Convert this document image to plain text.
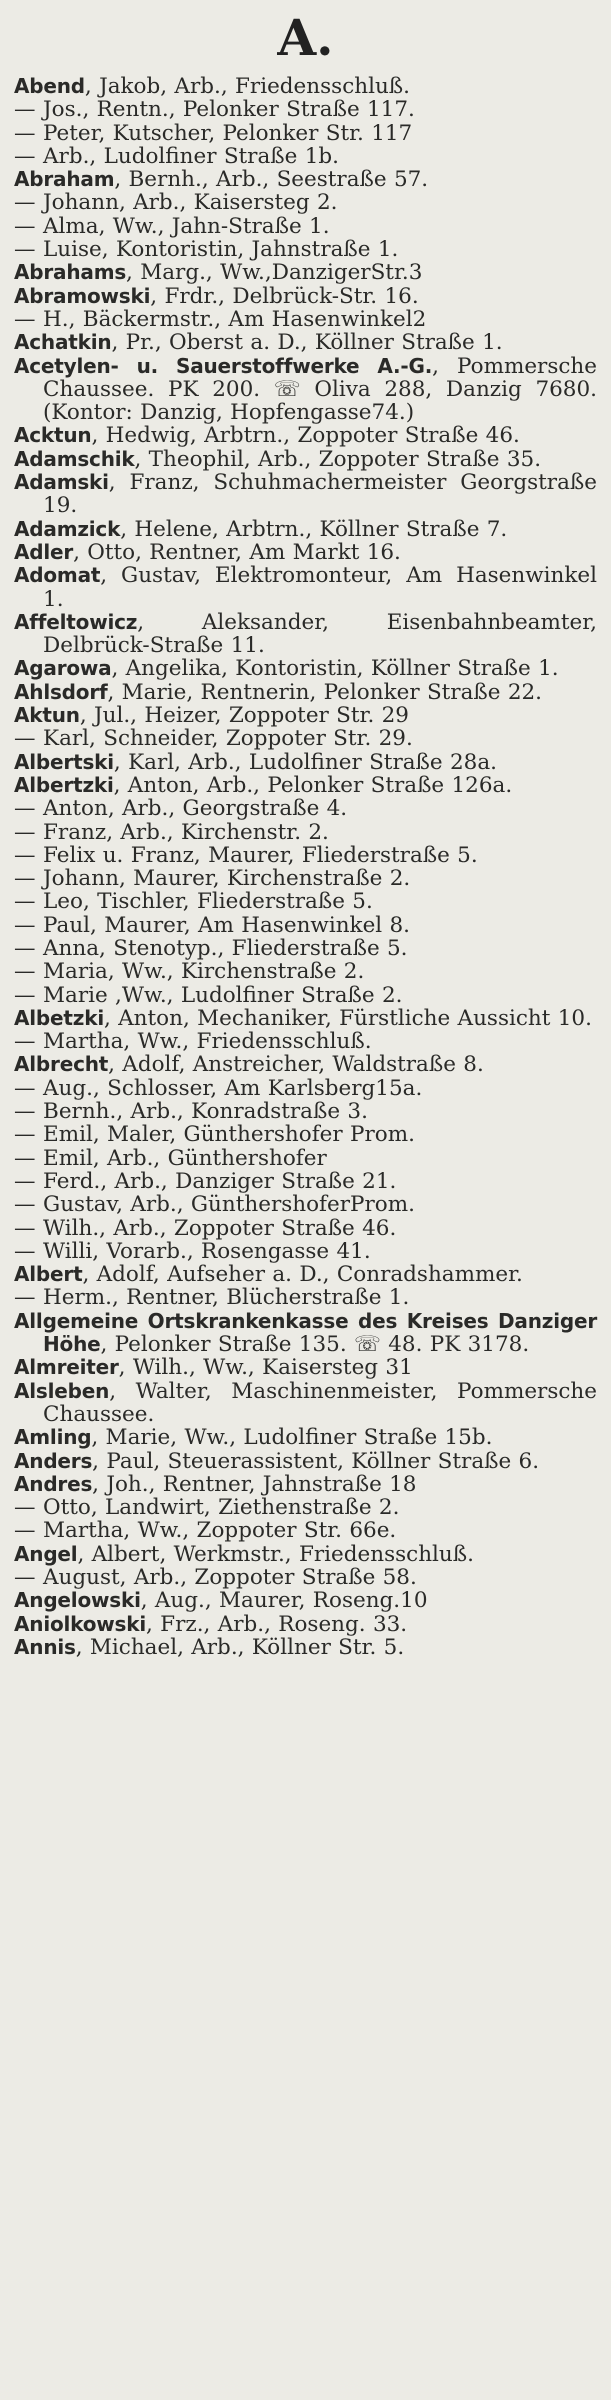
A.
Abend, Jakob, Arb., Friedensschluß.
— Jos., Rentn., Pelonker Straße 117.
— Peter, Kutscher, Pelonker Str. 117
— Arb., Ludolfiner Straße 1b.
Abraham, Bernh., Arb., Seestraße 57.
— Johann, Arb., Kaisersteg 2.
— Alma, Ww., Jahn-Straße 1.
— Luise, Kontoristin, Jahnstraße 1.
Abrahams, Marg., Ww.,DanzigerStr.3
Abramowski, Frdr., Delbrück-Str. 16.
— H., Bäckermstr., Am Hasenwinkel2
Achatkin, Pr., Oberst a. D., Köllner Straße 1.
Acetylen- u. Sauerstoffwerke A.-G., Pommersche Chaussee. PK 200. ☏ Oliva 288, Danzig 7680. (Kontor: Danzig, Hopfengasse74.)
Acktun, Hedwig, Arbtrn., Zoppoter Straße 46.
Adamschik, Theophil, Arb., Zoppoter Straße 35.
Adamski, Franz, Schuhmachermeister Georgstraße 19.
Adamzick, Helene, Arbtrn., Köllner Straße 7.
Adler, Otto, Rentner, Am Markt 16.
Adomat, Gustav, Elektromonteur, Am Hasenwinkel 1.
Affeltowicz, Aleksander, Eisenbahnbeamter, Delbrück-Straße 11.
Agarowa, Angelika, Kontoristin, Köllner Straße 1.
Ahlsdorf, Marie, Rentnerin, Pelonker Straße 22.
Aktun, Jul., Heizer, Zoppoter Str. 29
— Karl, Schneider, Zoppoter Str. 29.
Albertski, Karl, Arb., Ludolfiner Straße 28a.
Albertzki, Anton, Arb., Pelonker Straße 126a.
— Anton, Arb., Georgstraße 4.
— Franz, Arb., Kirchenstr. 2.
— Felix u. Franz, Maurer, Fliederstraße 5.
— Johann, Maurer, Kirchenstraße 2.
— Leo, Tischler, Fliederstraße 5.
— Paul, Maurer, Am Hasenwinkel 8.
— Anna, Stenotyp., Fliederstraße 5.
— Maria, Ww., Kirchenstraße 2.
— Marie ,Ww., Ludolfiner Straße 2.
Albetzki, Anton, Mechaniker, Fürstliche Aussicht 10.
— Martha, Ww., Friedensschluß.
Albrecht, Adolf, Anstreicher, Waldstraße 8.
— Aug., Schlosser, Am Karlsberg15a.
— Bernh., Arb., Konradstraße 3.
— Emil, Maler, Günthershofer Prom.
— Emil, Arb., Günthershofer
— Ferd., Arb., Danziger Straße 21.
— Gustav, Arb., GünthershoferProm.
— Wilh., Arb., Zoppoter Straße 46.
— Willi, Vorarb., Rosengasse 41.
Albert, Adolf, Aufseher a. D., Conradshammer.
— Herm., Rentner, Blücherstraße 1.
Allgemeine Ortskrankenkasse des Kreises Danziger Höhe, Pelonker Straße 135. ☏ 48. PK 3178.
Almreiter, Wilh., Ww., Kaisersteg 31
Alsleben, Walter, Maschinenmeister, Pommersche Chaussee.
Amling, Marie, Ww., Ludolfiner Straße 15b.
Anders, Paul, Steuerassistent, Köllner Straße 6.
Andres, Joh., Rentner, Jahnstraße 18
— Otto, Landwirt, Ziethenstraße 2.
— Martha, Ww., Zoppoter Str. 66e.
Angel, Albert, Werkmstr., Friedensschluß.
— August, Arb., Zoppoter Straße 58.
Angelowski, Aug., Maurer, Roseng.10
Aniolkowski, Frz., Arb., Roseng. 33.
Annis, Michael, Arb., Köllner Str. 5.
